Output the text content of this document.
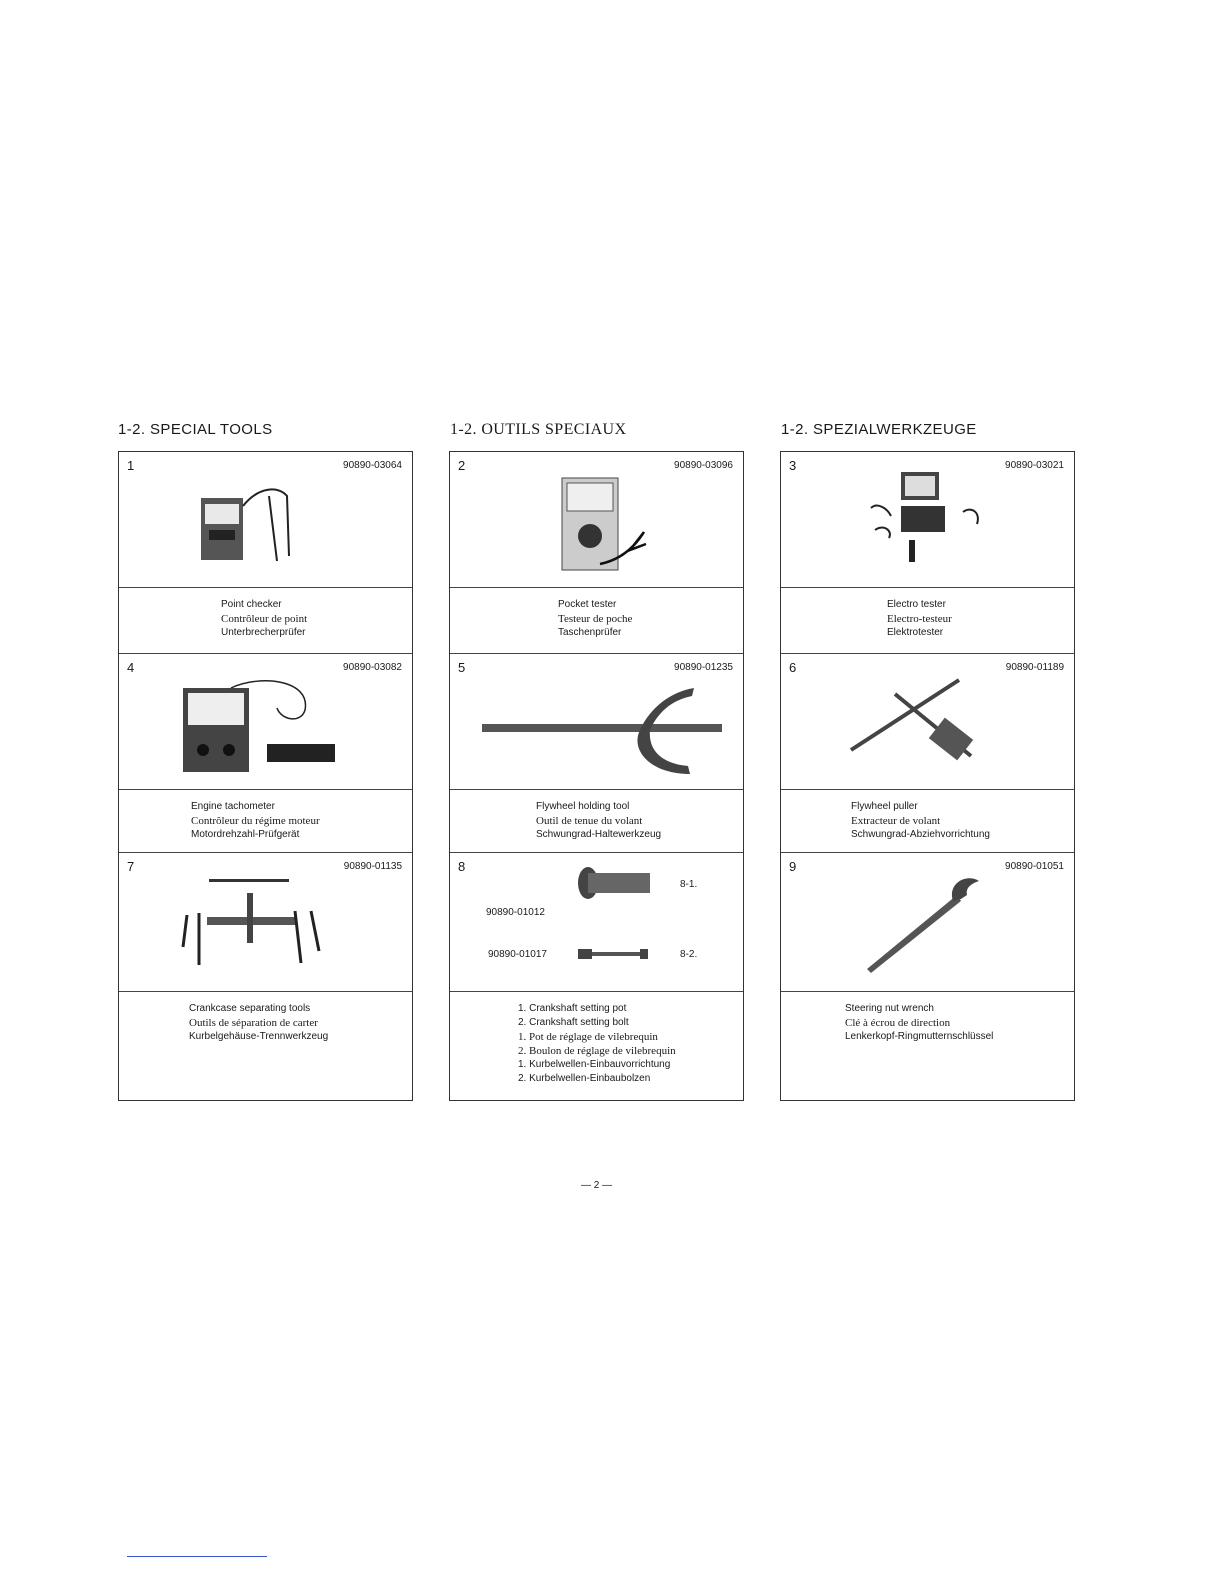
1-2. SPECIAL TOOLS	1-2. OUTILS SPECIAUX	1-2. SPEZIALWERKZEUGE
1	90890-03064
Point checker
Contrôleur de point
Unterbrecherprüfer
4	90890-03082
Engine tachometer
Contrôleur du régime moteur
Motordrehzahl-Prüfgerät
7	90890-01135
Crankcase separating tools
Outils de séparation de carter
Kurbelgehäuse-Trennwerkzeug
2	90890-03096
Pocket tester
Testeur de poche
Taschenprüfer
5	90890-01235
Flywheel holding tool
Outil de tenue du volant
Schwungrad-Haltewerkzeug
8
8-1.
90890-01012
90890-01017	8-2.
1. Crankshaft setting pot
2. Crankshaft setting bolt
1. Pot de réglage de vilebrequin
2. Boulon de réglage de vilebrequin
1. Kurbelwellen-Einbauvorrichtung
2. Kurbelwellen-Einbaubolzen
3	90890-03021
Electro tester
Electro-testeur
Elektrotester
6	90890-01189
Flywheel puller
Extracteur de volant
Schwungrad-Abziehvorrichtung
9	90890-01051
Steering nut wrench
Clé à écrou de direction
Lenkerkopf-Ringmutternschlüssel
— 2 —
